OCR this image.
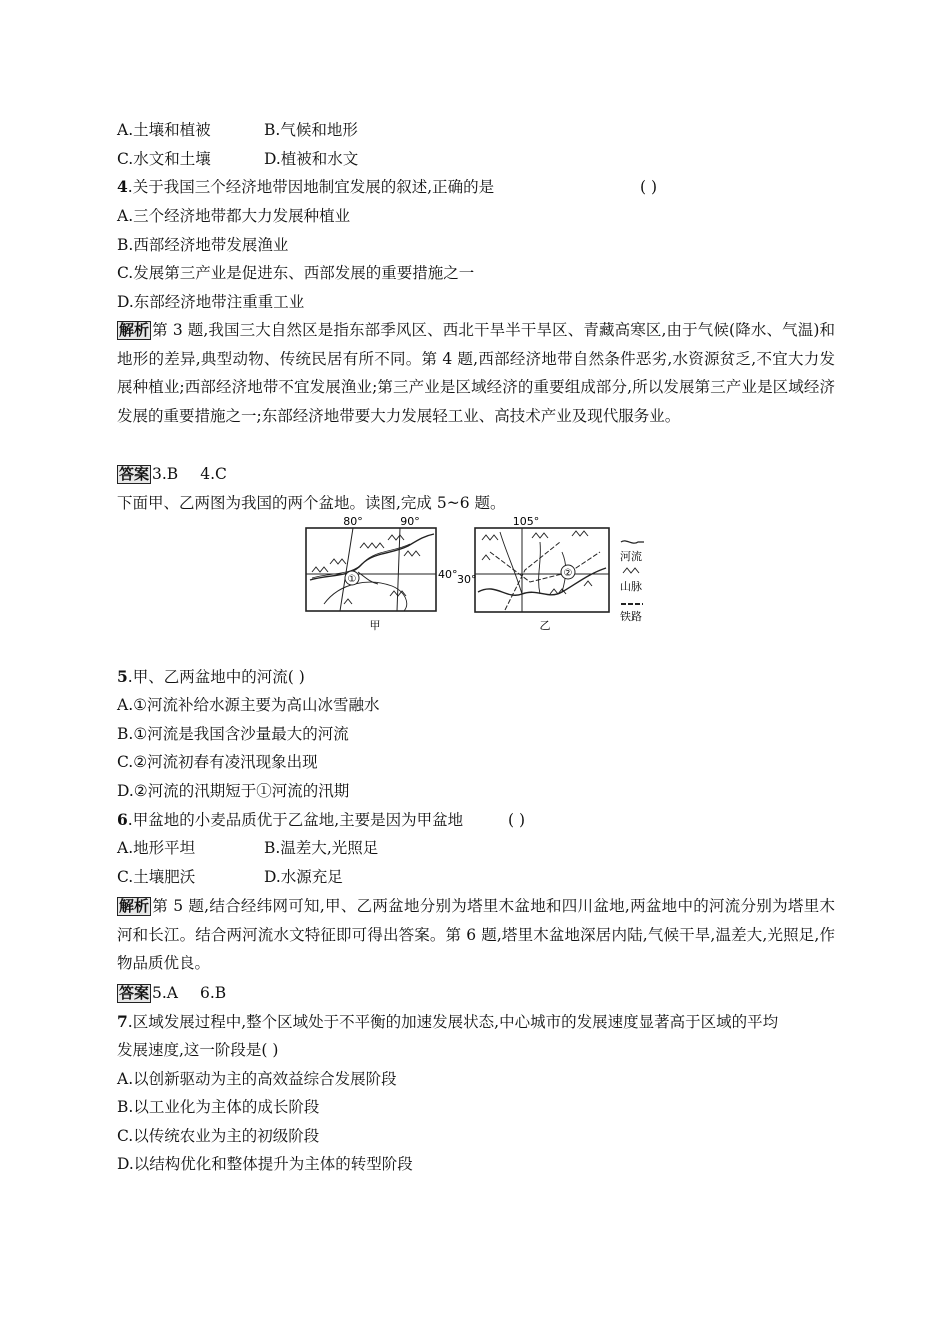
A.土壤和植被	B.气候和地形
C.水文和土壤	D.植被和水文
4.关于我国三个经济地带因地制宜发展的叙述,正确的是	( )
A.三个经济地带都大力发展种植业
B.西部经济地带发展渔业
C.发展第三产业是促进东、西部发展的重要措施之一
D.东部经济地带注重重工业
解析 第 3 题,我国三大自然区是指东部季风区、西北干旱半干旱区、青藏高寒区,由于气候(降水、气温)和地形的差异,典型动物、传统民居有所不同。第 4 题,西部经济地带自然条件恶劣,水资源贫乏,不宜大力发展种植业;西部经济地带不宜发展渔业;第三产业是区域经济的重要组成部分,所以发展第三产业是区域经济发展的重要措施之一;东部经济地带要大力发展轻工业、高技术产业及现代服务业。
答案 3.B 4.C
下面甲、乙两图为我国的两个盆地。读图,完成 5~6 题。
①
80°	90°
40°
甲
②
105°
30°
乙
河流
山脉
铁路
5.甲、乙两盆地中的河流( )
A.①河流补给水源主要为高山冰雪融水
B.①河流是我国含沙量最大的河流
C.②河流初春有凌汛现象出现
D.②河流的汛期短于①河流的汛期
6.甲盆地的小麦品质优于乙盆地,主要是因为甲盆地	( )
A.地形平坦	B.温差大,光照足
C.土壤肥沃	D.水源充足
解析 第 5 题,结合经纬网可知,甲、乙两盆地分别为塔里木盆地和四川盆地,两盆地中的河流分别为塔里木河和长江。结合两河流水文特征即可得出答案。第 6 题,塔里木盆地深居内陆,气候干旱,温差大,光照足,作物品质优良。
答案 5.A 6.B
7.区域发展过程中,整个区域处于不平衡的加速发展状态,中心城市的发展速度显著高于区域的平均
发展速度,这一阶段是( )
A.以创新驱动为主的高效益综合发展阶段
B.以工业化为主体的成长阶段
C.以传统农业为主的初级阶段
D.以结构优化和整体提升为主体的转型阶段
